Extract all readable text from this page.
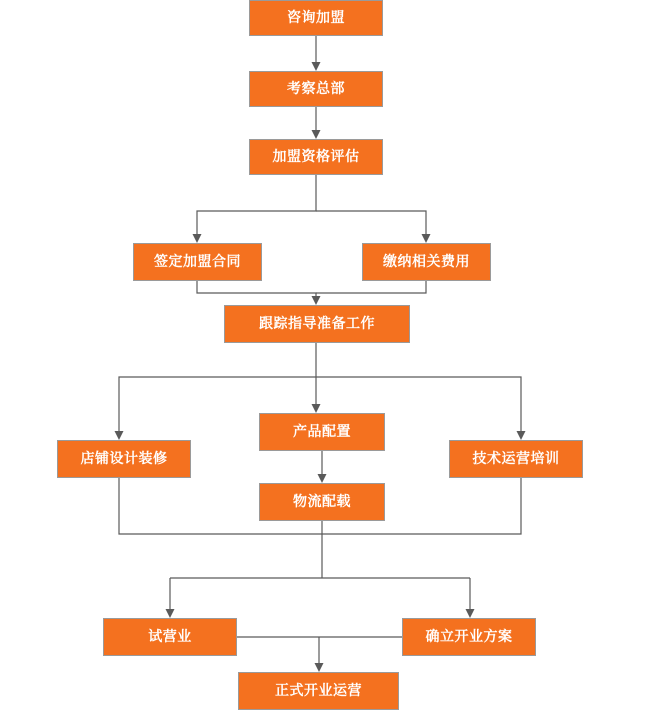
咨询加盟
考察总部
加盟资格评估
签定加盟合同	缴纳相关费用
跟踪指导准备工作
产品配置
店铺设计装修	技术运营培训
物流配载
试营业	确立开业方案
正式开业运营
